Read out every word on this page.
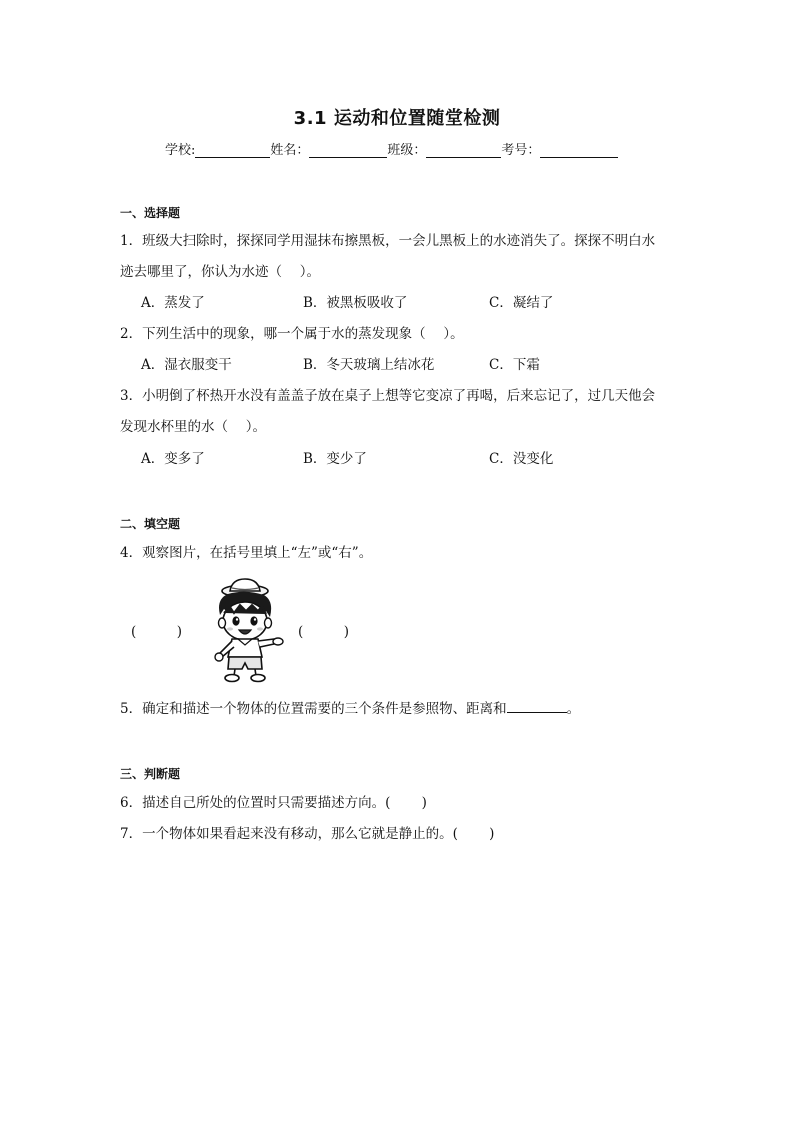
3.1 运动和位置随堂检测
学校:	姓名：	班级：	考号：
一、选择题
1．班级大扫除时，探探同学用湿抹布擦黑板，一会儿黑板上的水迹消失了。探探不明白水
迹去哪里了，你认为水迹（　 ）。
A．蒸发了	B．被黑板吸收了	C．凝结了
2．下列生活中的现象，哪一个属于水的蒸发现象（　 ）。
A．湿衣服变干	B．冬天玻璃上结冰花	C．下霜
3．小明倒了杯热开水没有盖盖子放在桌子上想等它变凉了再喝，后来忘记了，过几天他会
发现水杯里的水（　 ）。
A．变多了	B．变少了	C．没变化
二、填空题
4．观察图片，在括号里填上“左”或“右”。
(　　　)	(　　　)
5．确定和描述一个物体的位置需要的三个条件是参照物、距离和	。
三、判断题
6．描述自己所处的位置时只需要描述方向。(　　 )
7．一个物体如果看起来没有移动，那么它就是静止的。(　　 )
